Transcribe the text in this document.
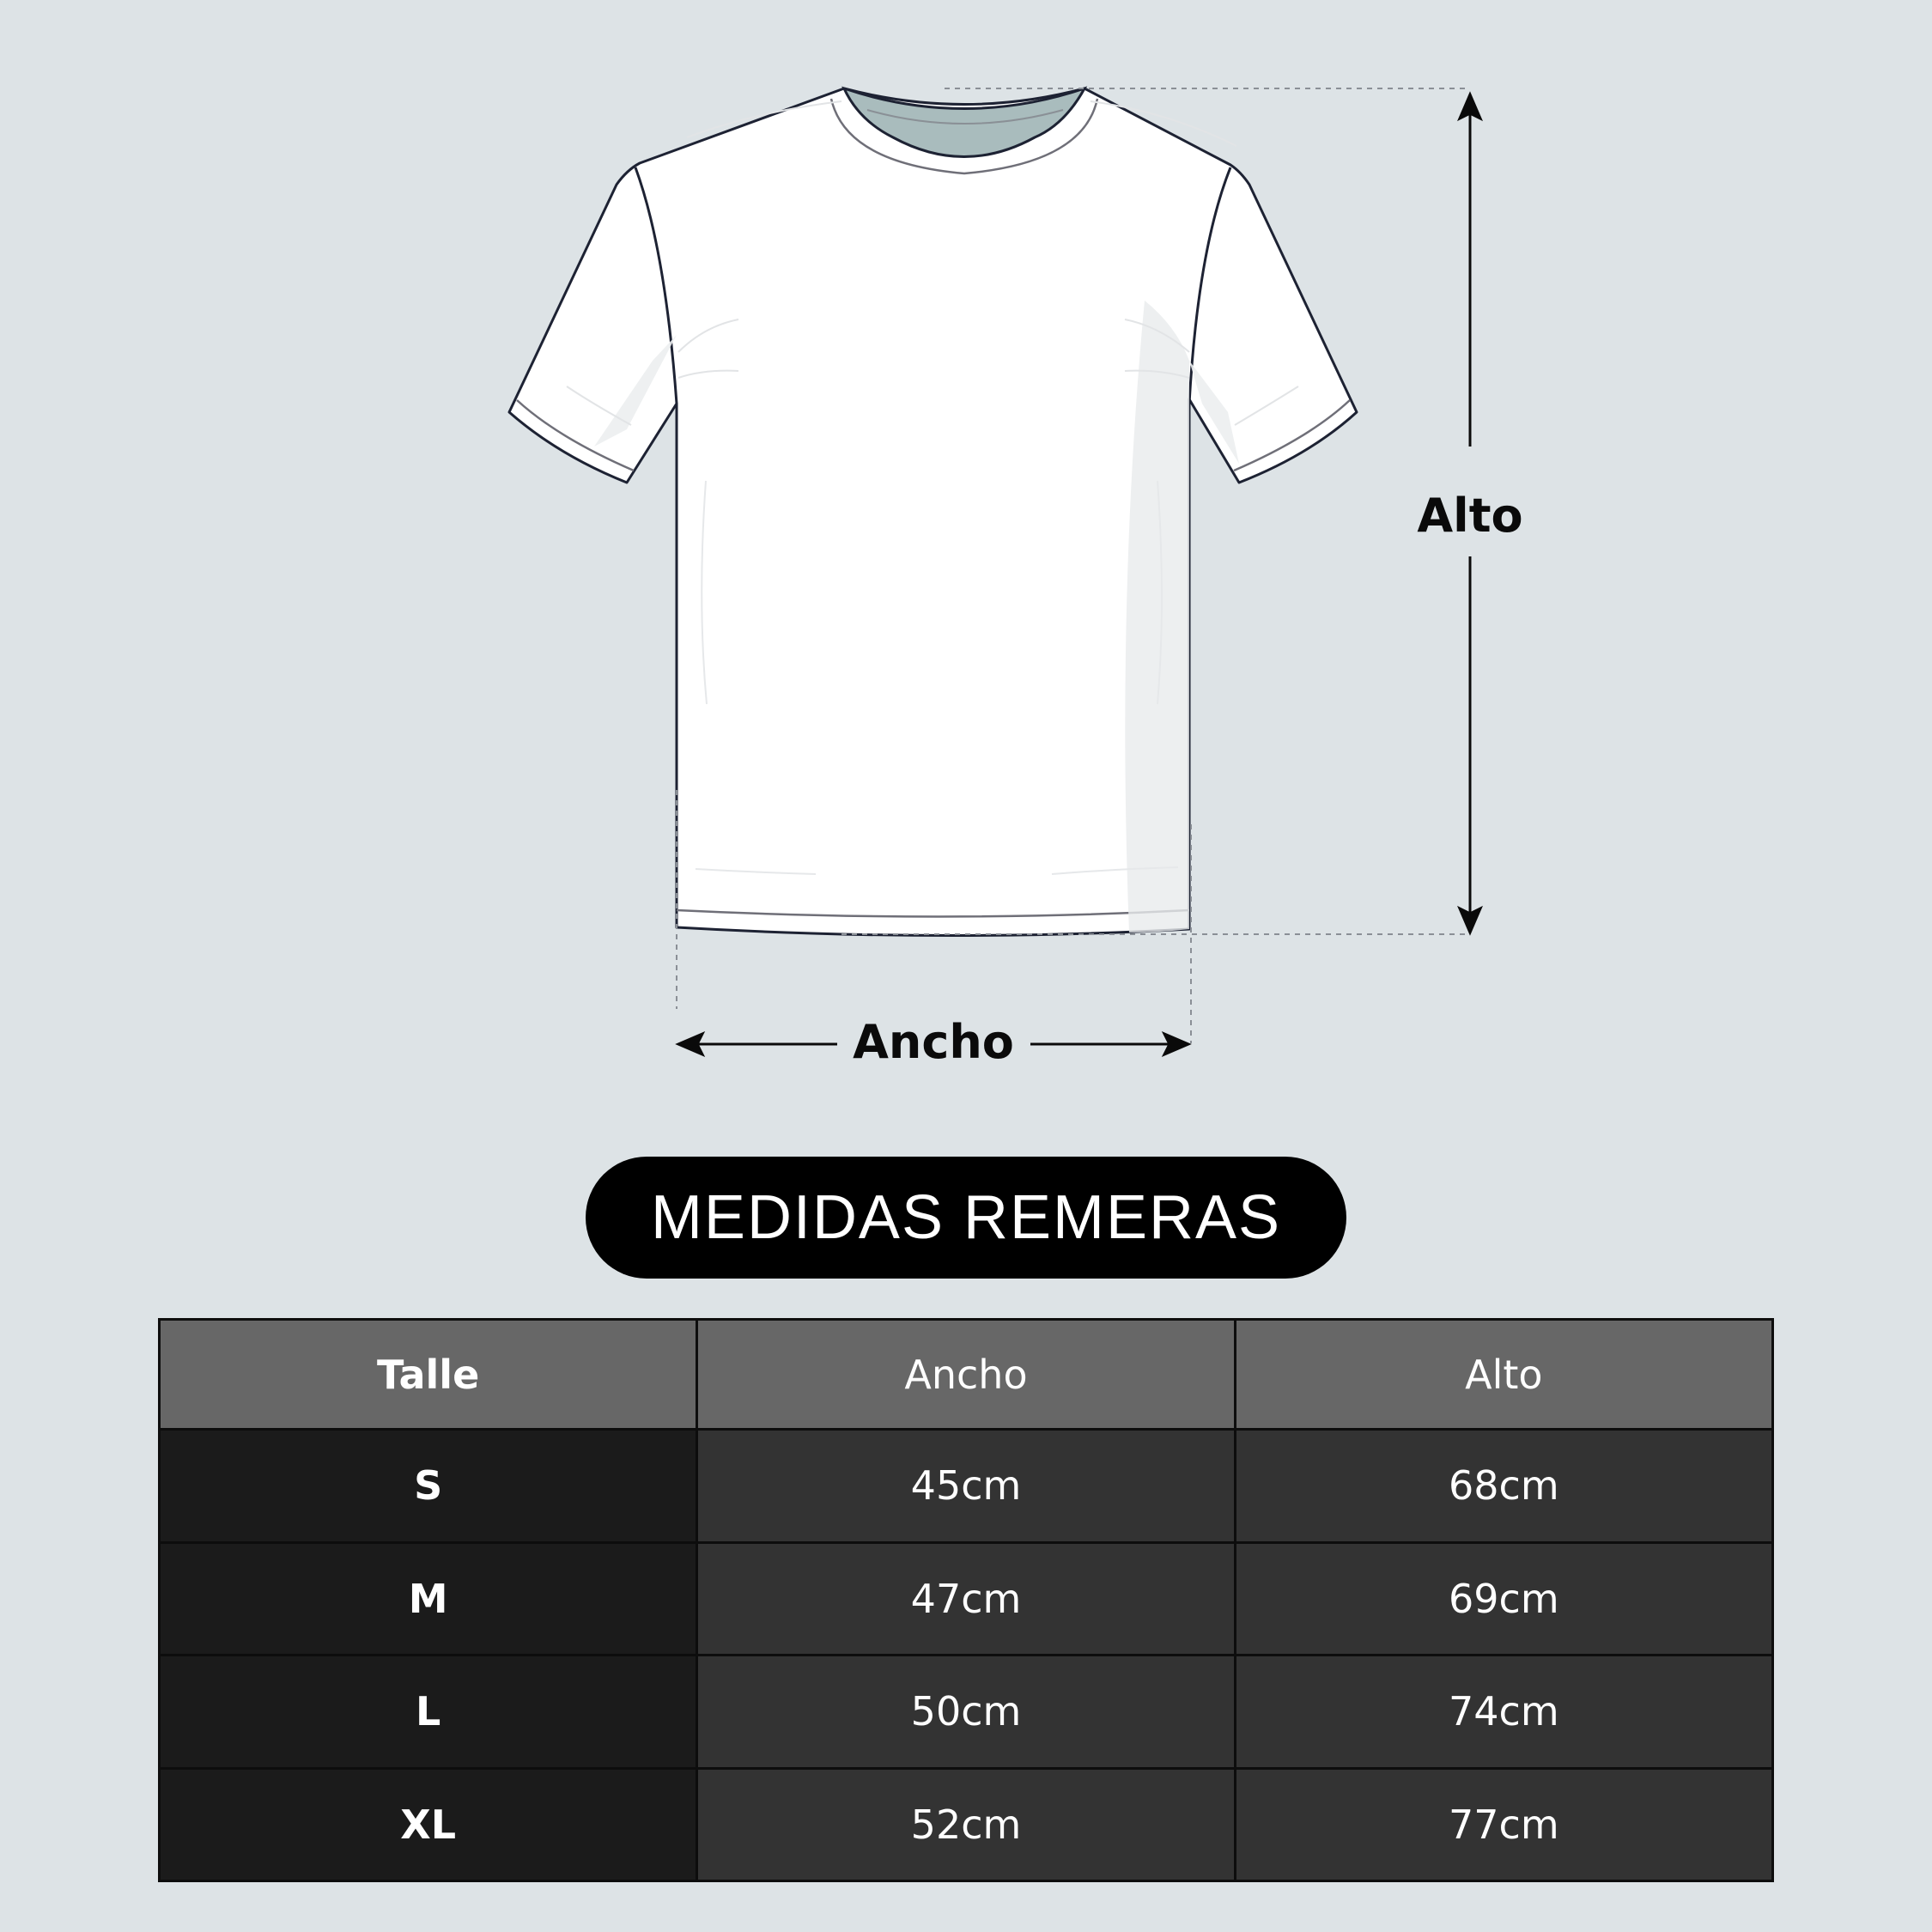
Alto
Ancho
MEDIDAS REMERAS
Talle	Ancho	Alto
S	45cm	68cm
M	47cm	69cm
L	50cm	74cm
XL	52cm	77cm
